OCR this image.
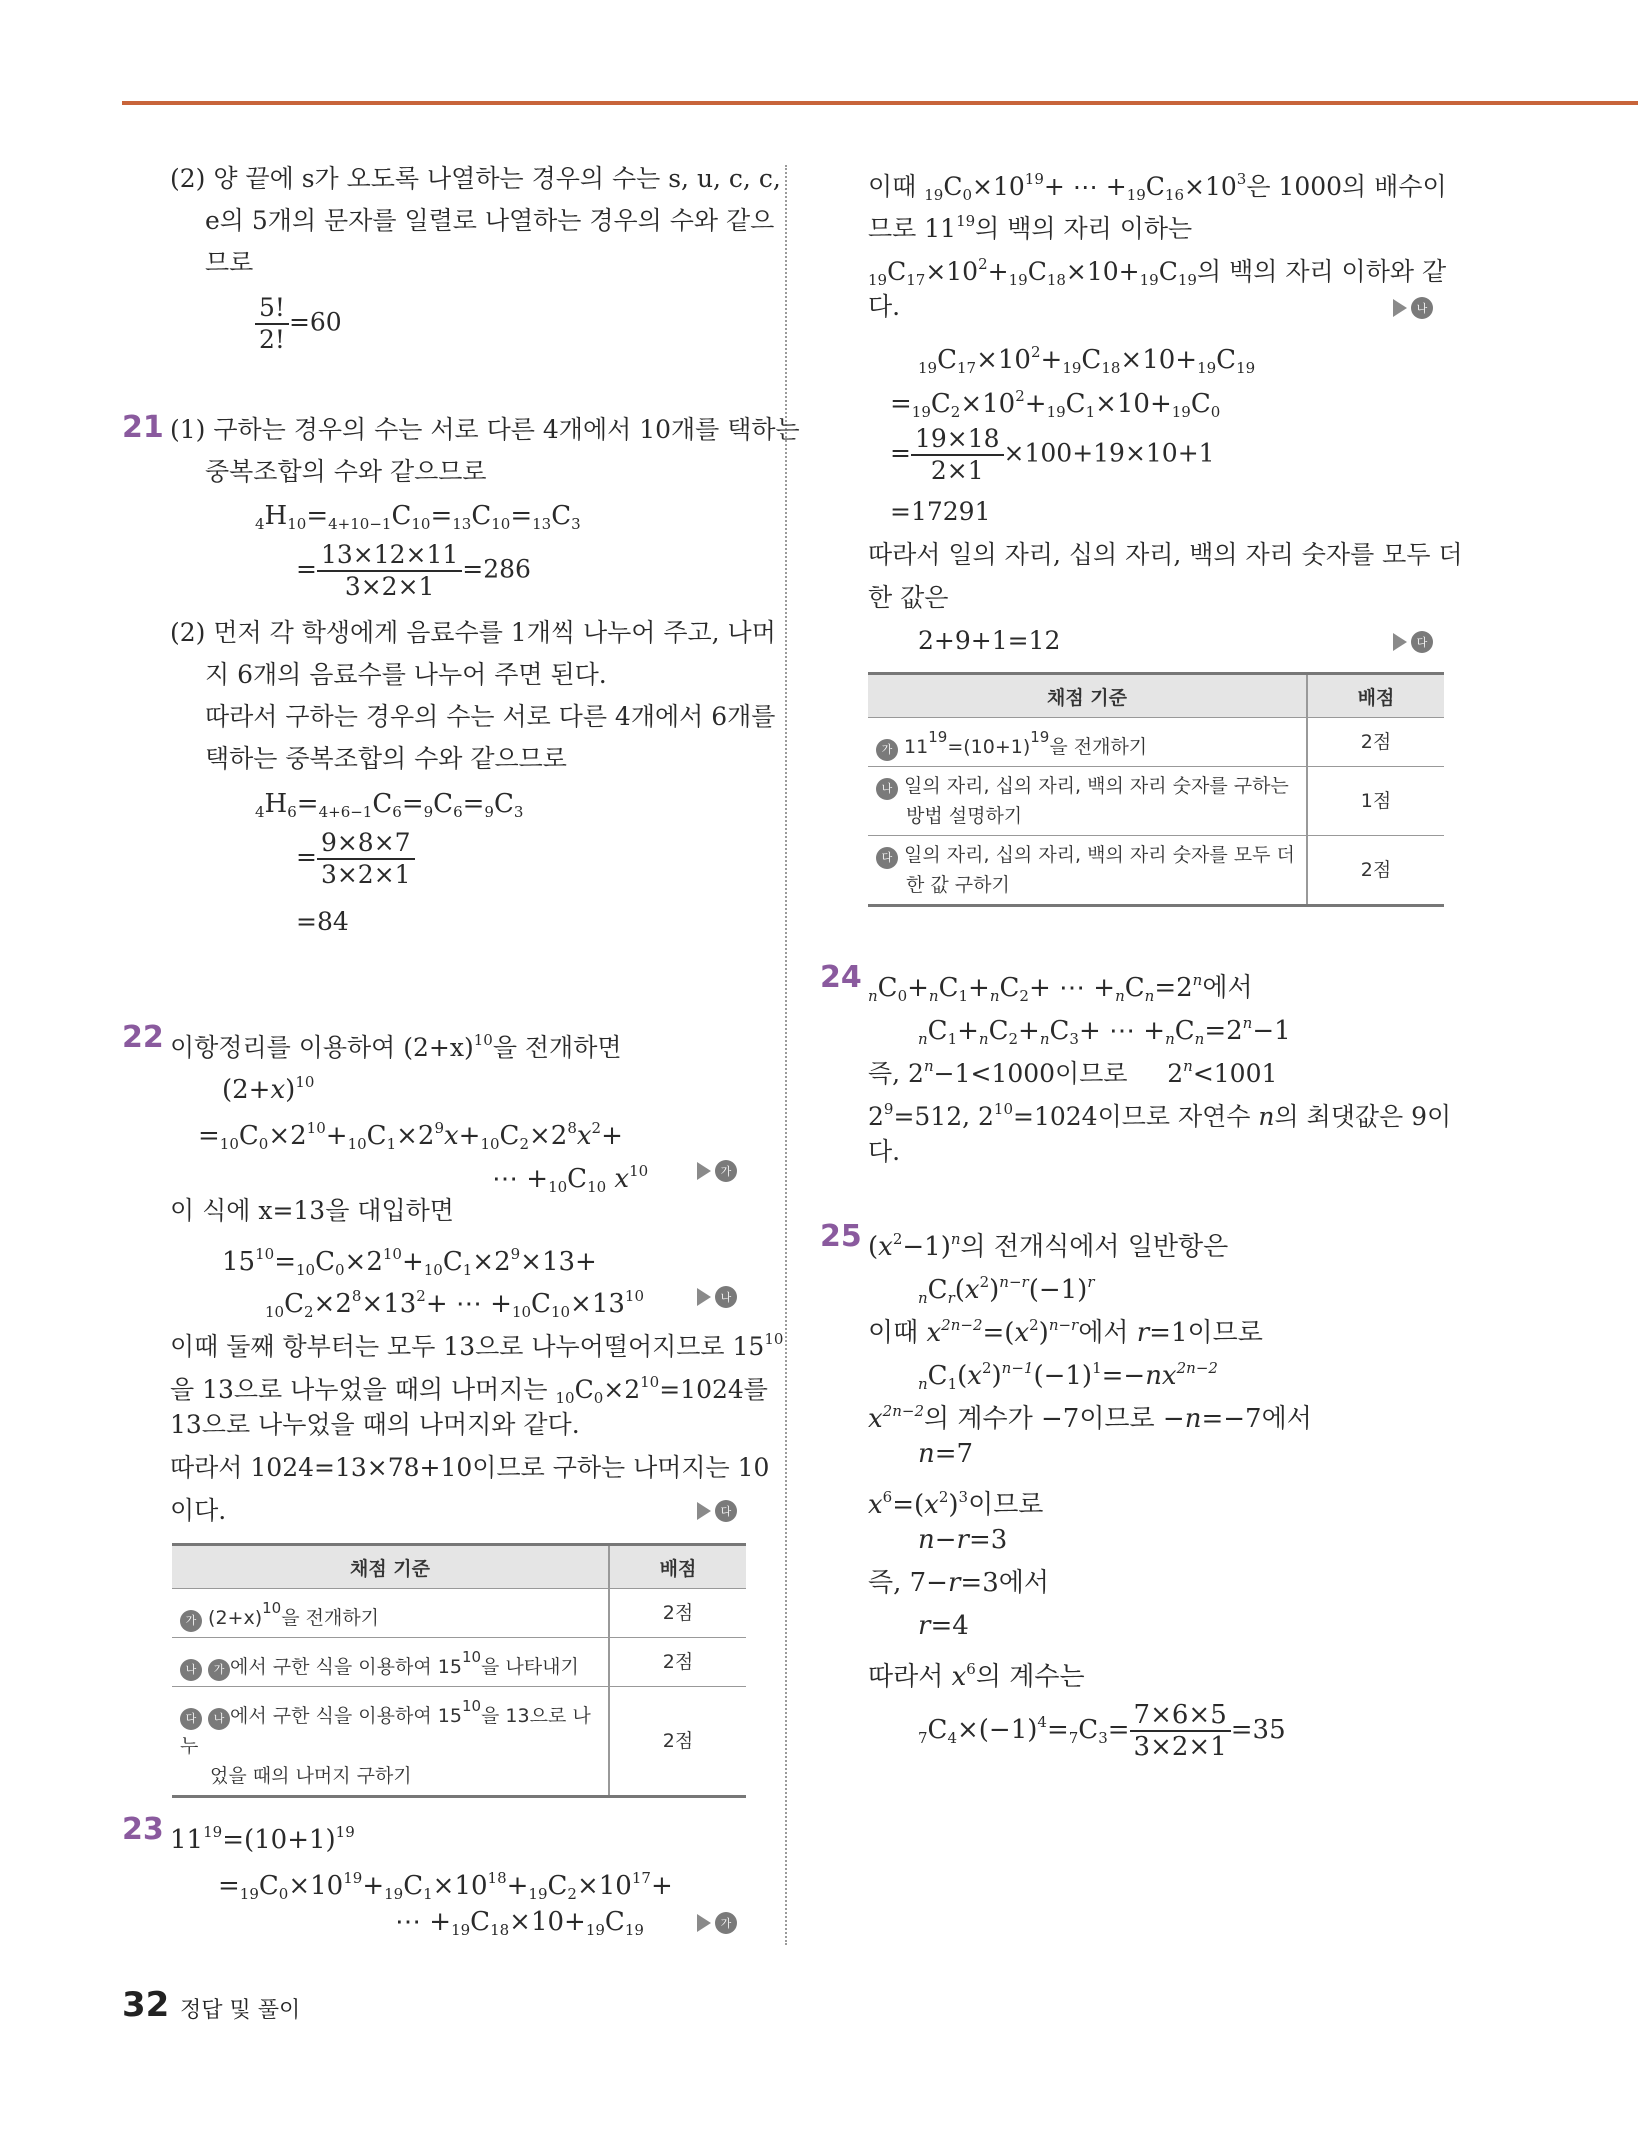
(2) 양 끝에 s가 오도록 나열하는 경우의 수는 s, u, c, c,
e의 5개의 문자를 일렬로 나열하는 경우의 수와 같으
므로
$\frac{5!}{2!} =60$
21 (1) 구하는 경우의 수는 서로 다른 4개에서 10개를 택하는
중복조합의 수와 같으므로
$_4H_{10}=_{4+10-1}C_{10}=_{13}C_{10}=_{13}C_3$
= $\frac{13\times 12\times 11}{3\times 2\times 1} =286$
(2) 먼저 각 학생에게 음료수를 1개씩 나누어 주고, 나머
지 6개의 음료수를 나누어 주면 된다.
따라서 구하는 경우의 수는 서로 다른 4개에서 6개를
택하는 중복조합의 수와 같으므로
$_4H_6=_{4+6-1}C_6=_9C_6=_9C_3$
= $\frac{9\times 8\times 7}{3\times 2\times 1}$
=84
22 이항정리를 이용하여 $(2+x)^{10}$을 전개하면
$(2+x)^{10}$
$=_{10}C_0\times 2^{10}+_{10}C_1\times 2^9x+_{10}C_2\times 2^8x^2+$
⋯ $+_{10}C_{10}$ $x^{10}$	가
이 식에 x=13을 대입하면
$15^{10}=_{10}C_0\times 2^{10}+_{10}C_1\times 2^9\times 13+$
$_{10}C_2\times 2^8\times 13^2+$ ⋯ $+_{10}C_{10}\times 13^{10}$	나
이때 둘째 항부터는 모두 13으로 나누어떨어지므로 $15^{10}$
을 13으로 나누었을 때의 나머지는 $_{10}C_0\times 2^{10}=1024$를
13으로 나누었을 때의 나머지와 같다.
따라서 1024=13×78+10이므로 구하는 나머지는 10
이다.	다
채점 기준	배점
가 $(2+x)^{10}$을 전개하기	2점
나 가 에서 구한 식을 이용하여 $15^{10}$을 나타내기	2점
다 나 에서 구한 식을 이용하여 $15^{10}$을 13으로 나누
었을 때의 나머지 구하기	2점
23 $11^{19}=(10+1)^{19}$
$=_{19}C_0\times 10^{19}+_{19}C_1\times 10^{18}+_{19}C_2\times 10^{17}+$
⋯ $+_{19}C_{18}\times 10+_{19}C_{19}$	가
이때 $_{19}C_0\times 10^{19}+$ ⋯ $+_{19}C_{16}\times 10^3$은 1000의 배수이
므로 $11^{19}$의 백의 자리 이하는
$_{19}C_{17}\times 10^2+_{19}C_{18}\times 10+_{19}C_{19}$의 백의 자리 이하와 같
다.	나
$_{19}C_{17}\times 10^2+_{19}C_{18}\times 10+_{19}C_{19}$
$=_{19}C_2\times 10^2+_{19}C_1\times 10+_{19}C_0$
= $\frac{19\times 18}{2\times 1} \times 100+19\times 10+1$
=17291
따라서 일의 자리, 십의 자리, 백의 자리 숫자를 모두 더
한 값은
2+9+1=12	다
채점 기준	배점
가 $11^{19}=(10+1)^{19}$을 전개하기	2점
나 일의 자리, 십의 자리, 백의 자리 숫자를 구하는
방법 설명하기	1점
다 일의 자리, 십의 자리, 백의 자리 숫자를 모두 더
한 값 구하기	2점
24
$_nC_0+_nC_1+_nC_2+$ ⋯ $+_nC_n=2^n$에서
$_nC_1+_nC_2+_nC_3+$ ⋯ $+_nC_n=2^n-1$
즉, $2^n-1<1000$이므로     $2^n<1001$
$2^9=512$, $2^{10}=1024$이므로 자연수 n의 최댓값은 9이
다.
25 $(x^2-1)^n$의 전개식에서 일반항은
$_nC_r(x^2)^{n-r}(-1)^r$
이때 $x^{2n-2}=(x^2)^{n-r}$에서 r=1이므로
$_nC_1(x^2)^{n-1}(-1)^1=-nx^{2n-2}$
$x^{2n-2}$의 계수가 −7이므로 −n=−7에서
n=7
$x^6=(x^2)^3$이므로
n−r=3
즉, 7−r=3에서
r=4
따라서 $x^6$의 계수는
$_7C_4\times(-1)^4=_7C_3= \frac{7\times 6\times 5}{3\times 2\times 1} =35$
32 정답 및 풀이
